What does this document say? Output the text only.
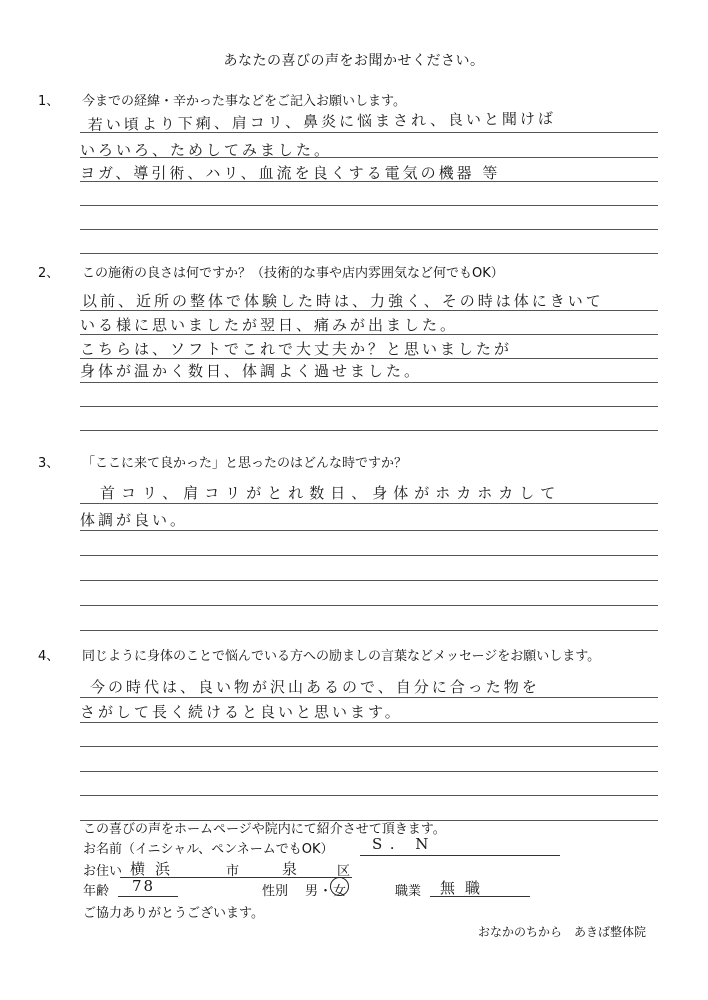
あなたの喜びの声をお聞かせください。
1、 今までの経緯・辛かった事などをご記入お願いします。
若い頃より下痢、肩コリ、鼻炎に悩まされ、良いと聞けば
いろいろ、ためしてみました。
ヨガ、導引術、ハリ、血流を良くする電気の機器 等
2、 この施術の良さは何ですか？（技術的な事や店内雰囲気など何でもOK）
以前、近所の整体で体験した時は、力強く、その時は体にきいて
いる様に思いましたが翌日、痛みが出ました。
こちらは、ソフトでこれで大丈夫か？と思いましたが
身体が温かく数日、体調よく過せました。
3、 「ここに来て良かった」と思ったのはどんな時ですか？
首コリ、肩コリがとれ数日、身体がホカホカして
体調が良い。
4、 同じように身体のことで悩んでいる方への励ましの言葉などメッセージをお願いします。
今の時代は、良い物が沢山あるので、自分に合った物を
さがして長く続けると良いと思います。
この喜びの声をホームページや院内にて紹介させて頂きます。
お名前（イニシャル、ペンネームでもOK）	S. N
お住い 横浜	市	泉	区
年齢 78	性別 男 ・ 女	職業 無職
ご協力ありがとうございます。
おなかのちから　あきば整体院
